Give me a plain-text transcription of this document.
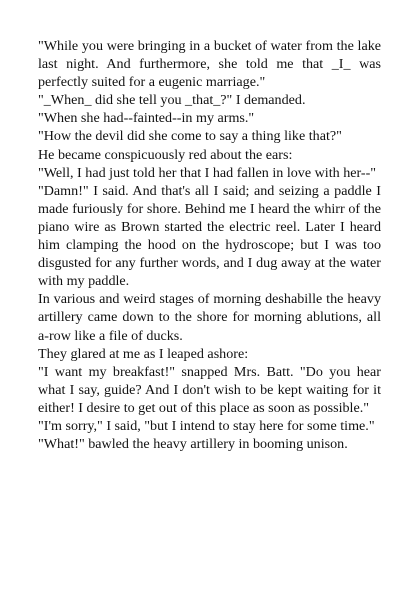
"While you were bringing in a bucket of water from the lake last night. And furthermore, she told me that _I_ was perfectly suited for a eugenic marriage."

"_When_ did she tell you _that_?" I demanded.

"When she had--fainted--in my arms."

"How the devil did she come to say a thing like that?"

He became conspicuously red about the ears:

"Well, I had just told her that I had fallen in love with her--"

"Damn!" I said. And that's all I said; and seizing a paddle I made furiously for shore. Behind me I heard the whirr of the piano wire as Brown started the electric reel. Later I heard him clamping the hood on the hydroscope; but I was too disgusted for any further words, and I dug away at the water with my paddle.

In various and weird stages of morning deshabille the heavy artillery came down to the shore for morning ablutions, all a-row like a file of ducks.

They glared at me as I leaped ashore:

"I want my breakfast!" snapped Mrs. Batt. "Do you hear what I say, guide? And I don't wish to be kept waiting for it either! I desire to get out of this place as soon as possible."

"I'm sorry," I said, "but I intend to stay here for some time."

"What!" bawled the heavy artillery in booming unison.
